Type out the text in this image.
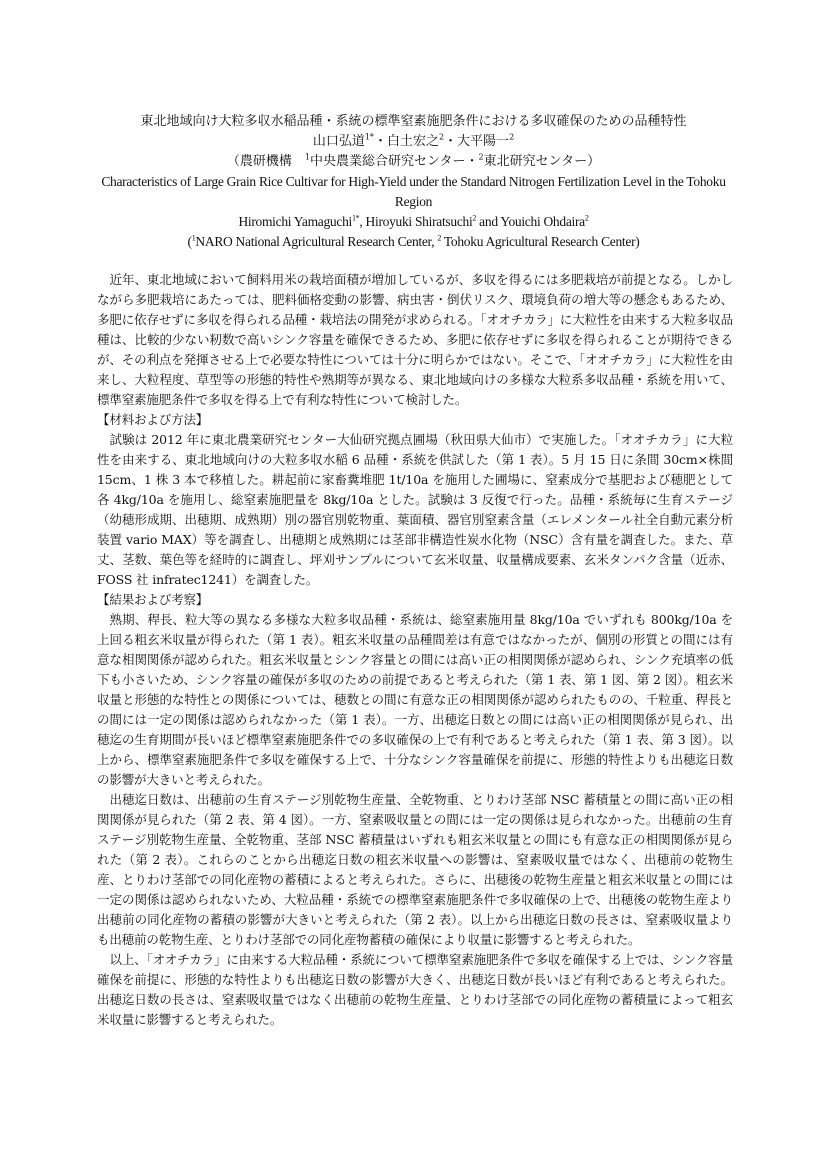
東北地域向け大粒多収水稲品種・系統の標準窒素施肥条件における多収確保のための品種特性
山口弘道$^{1*}$・白土宏之$^2$・大平陽一$^2$
（農研機構　$^1$中央農業総合研究センター・$^2$東北研究センター）
Characteristics of Large Grain Rice Cultivar for High-Yield under the Standard Nitrogen Fertilization Level in the Tohoku Region
Hiromichi Yamaguchi$^{1*}$, Hiroyuki Shiratsuchi$^2$ and Youichi Ohdaira$^2$
($^1$NARO National Agricultural Research Center, $^2$ Tohoku Agricultural Research Center)

近年、東北地域において飼料用米の栽培面積が増加しているが、多収を得るには多肥栽培が前提となる。しかしながら多肥栽培にあたっては、肥料価格変動の影響、病虫害・倒伏リスク、環境負荷の増大等の懸念もあるため、多肥に依存せずに多収を得られる品種・栽培法の開発が求められる。「オオチカラ」に大粒性を由来する大粒多収品種は、比較的少ない籾数で高いシンク容量を確保できるため、多肥に依存せずに多収を得られることが期待できるが、その利点を発揮させる上で必要な特性については十分に明らかではない。そこで、「オオチカラ」に大粒性を由来し、大粒程度、草型等の形態的特性や熟期等が異なる、東北地域向けの多様な大粒系多収品種・系統を用いて、標準窒素施肥条件で多収を得る上で有利な特性について検討した。

【材料および方法】

試験は 2012 年に東北農業研究センター大仙研究拠点圃場（秋田県大仙市）で実施した。「オオチカラ」に大粒性を由来する、東北地域向けの大粒多収水稲 6 品種・系統を供試した（第 1 表）。5 月 15 日に条間 30cm×株間 15cm、1 株 3 本で移植した。耕起前に家畜糞堆肥 1t/10a を施用した圃場に、窒素成分で基肥および穂肥として各 4kg/10a を施用し、総窒素施肥量を 8kg/10a とした。試験は 3 反復で行った。品種・系統毎に生育ステージ（幼穂形成期、出穂期、成熟期）別の器官別乾物重、葉面積、器官別窒素含量（エレメンタール社全自動元素分析装置 vario MAX）等を調査し、出穂期と成熟期には茎部非構造性炭水化物（NSC）含有量を調査した。また、草丈、茎数、葉色等を経時的に調査し、坪刈サンプルについて玄米収量、収量構成要素、玄米タンパク含量（近赤、FOSS 社 infratec1241）を調査した。

【結果および考察】

熟期、稈長、粒大等の異なる多様な大粒多収品種・系統は、総窒素施用量 8kg/10a でいずれも 800kg/10a を上回る粗玄米収量が得られた（第 1 表）。粗玄米収量の品種間差は有意ではなかったが、個別の形質との間には有意な相関関係が認められた。粗玄米収量とシンク容量との間には高い正の相関関係が認められ、シンク充填率の低下も小さいため、シンク容量の確保が多収のための前提であると考えられた（第 1 表、第 1 図、第 2 図）。粗玄米収量と形態的な特性との関係については、穂数との間に有意な正の相関関係が認められたものの、千粒重、稈長との間には一定の関係は認められなかった（第 1 表）。一方、出穂迄日数との間には高い正の相関関係が見られ、出穂迄の生育期間が長いほど標準窒素施肥条件での多収確保の上で有利であると考えられた（第 1 表、第 3 図）。以上から、標準窒素施肥条件で多収を確保する上で、十分なシンク容量確保を前提に、形態的特性よりも出穂迄日数の影響が大きいと考えられた。

出穂迄日数は、出穂前の生育ステージ別乾物生産量、全乾物重、とりわけ茎部 NSC 蓄積量との間に高い正の相関関係が見られた（第 2 表、第 4 図）。一方、窒素吸収量との間には一定の関係は見られなかった。出穂前の生育ステージ別乾物生産量、全乾物重、茎部 NSC 蓄積量はいずれも粗玄米収量との間にも有意な正の相関関係が見られた（第 2 表）。これらのことから出穂迄日数の粗玄米収量への影響は、窒素吸収量ではなく、出穂前の乾物生産、とりわけ茎部での同化産物の蓄積によると考えられた。さらに、出穂後の乾物生産量と粗玄米収量との間には一定の関係は認められないため、大粒品種・系統での標準窒素施肥条件で多収確保の上で、出穂後の乾物生産より出穂前の同化産物の蓄積の影響が大きいと考えられた（第 2 表）。以上から出穂迄日数の長さは、窒素吸収量よりも出穂前の乾物生産、とりわけ茎部での同化産物蓄積の確保により収量に影響すると考えられた。

以上、「オオチカラ」に由来する大粒品種・系統について標準窒素施肥条件で多収を確保する上では、シンク容量確保を前提に、形態的な特性よりも出穂迄日数の影響が大きく、出穂迄日数が長いほど有利であると考えられた。出穂迄日数の長さは、窒素吸収量ではなく出穂前の乾物生産量、とりわけ茎部での同化産物の蓄積量によって粗玄米収量に影響すると考えられた。
